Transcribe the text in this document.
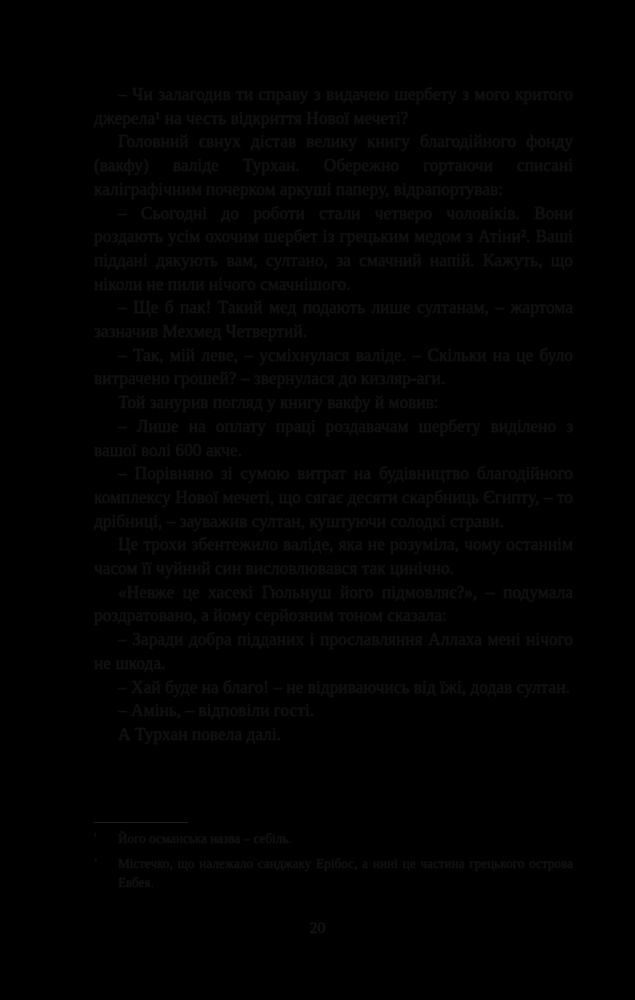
– Чи залагодив ти справу з видачею шербету з мого критого джерела¹ на честь відкриття Нової мечеті?

Головний євнух дістав велику книгу благодійного фонду (вакфу) валіде Турхан. Обережно гортаючи списані каліграфічним почерком аркуші паперу, відрапортував:

– Сьогодні до роботи стали четверо чоловіків. Вони роздають усім охочим шербет із грецьким медом з Атіни². Ваші піддані дякують вам, султано, за смачний напій. Кажуть, що ніколи не пили нічого смачнішого.

– Ще б пак! Такий мед подають лише султанам, – жартома зазначив Мехмед Четвертий.

– Так, мій леве, – усміхнулася валіде. – Скільки на це було витрачено грошей? – звернулася до кизляр-аги.

Той занурив погляд у книгу вакфу й мовив:

– Лише на оплату праці роздавачам шербету виділено з вашої волі 600 акче.

– Порівняно зі сумою витрат на будівництво благодійного комплексу Нової мечеті, що сягає десяти скарбниць Єгипту, – то дрібниці, – зауважив султан, куштуючи солодкі страви.

Це трохи збентежило валіде, яка не розуміла, чому останнім часом її чуйний син висловлювався так цинічно.

«Невже це хасекі Гюльнуш його підмовляє?», – подумала роздратовано, а йому серйозним тоном сказала:

– Заради добра підданих і прославляння Аллаха мені нічого не шкода.

– Хай буде на благо! – не відриваючись від їжі, додав султан.

– Амінь, – відповіли гості.

А Турхан повела далі.

¹ Його османська назва – себіль.
² Містечко, що належало санджаку Ерібос, а нині це частина грецького острова Евбея.
20
